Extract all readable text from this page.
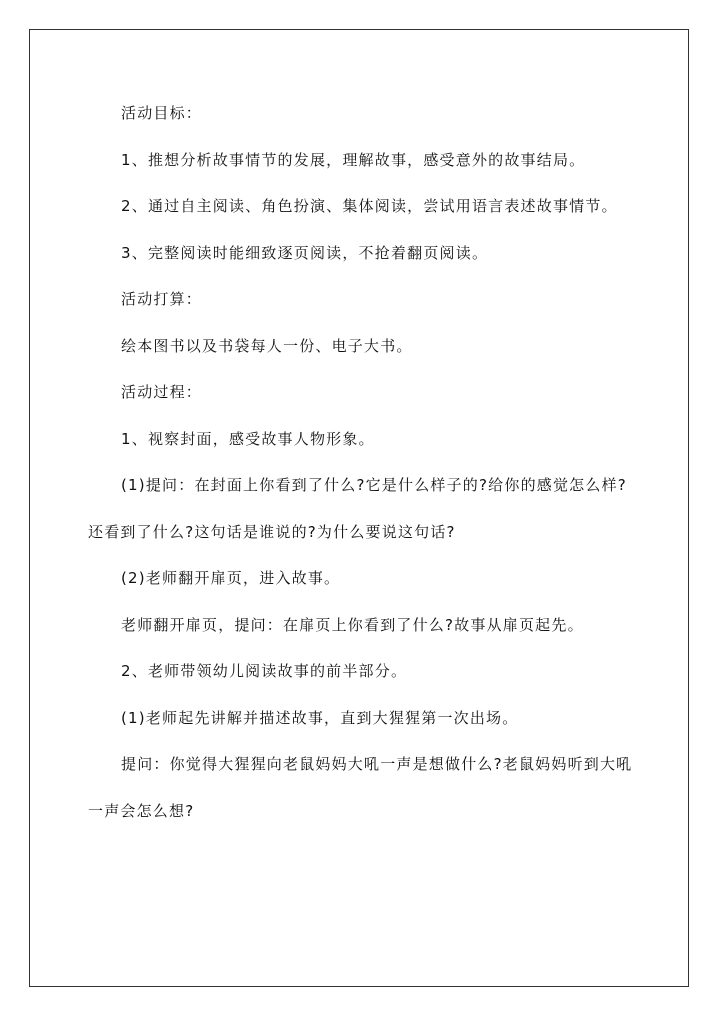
活动目标：

1、推想分析故事情节的发展，理解故事，感受意外的故事结局。

2、通过自主阅读、角色扮演、集体阅读，尝试用语言表述故事情节。

3、完整阅读时能细致逐页阅读，不抢着翻页阅读。

活动打算：

绘本图书以及书袋每人一份、电子大书。

活动过程：

1、视察封面，感受故事人物形象。

(1)提问：在封面上你看到了什么?它是什么样子的?给你的感觉怎么样? 还看到了什么?这句话是谁说的?为什么要说这句话?

(2)老师翻开扉页，进入故事。

老师翻开扉页，提问：在扉页上你看到了什么?故事从扉页起先。

2、老师带领幼儿阅读故事的前半部分。

(1)老师起先讲解并描述故事，直到大猩猩第一次出场。

提问：你觉得大猩猩向老鼠妈妈大吼一声是想做什么?老鼠妈妈听到大吼一声会怎么想?
